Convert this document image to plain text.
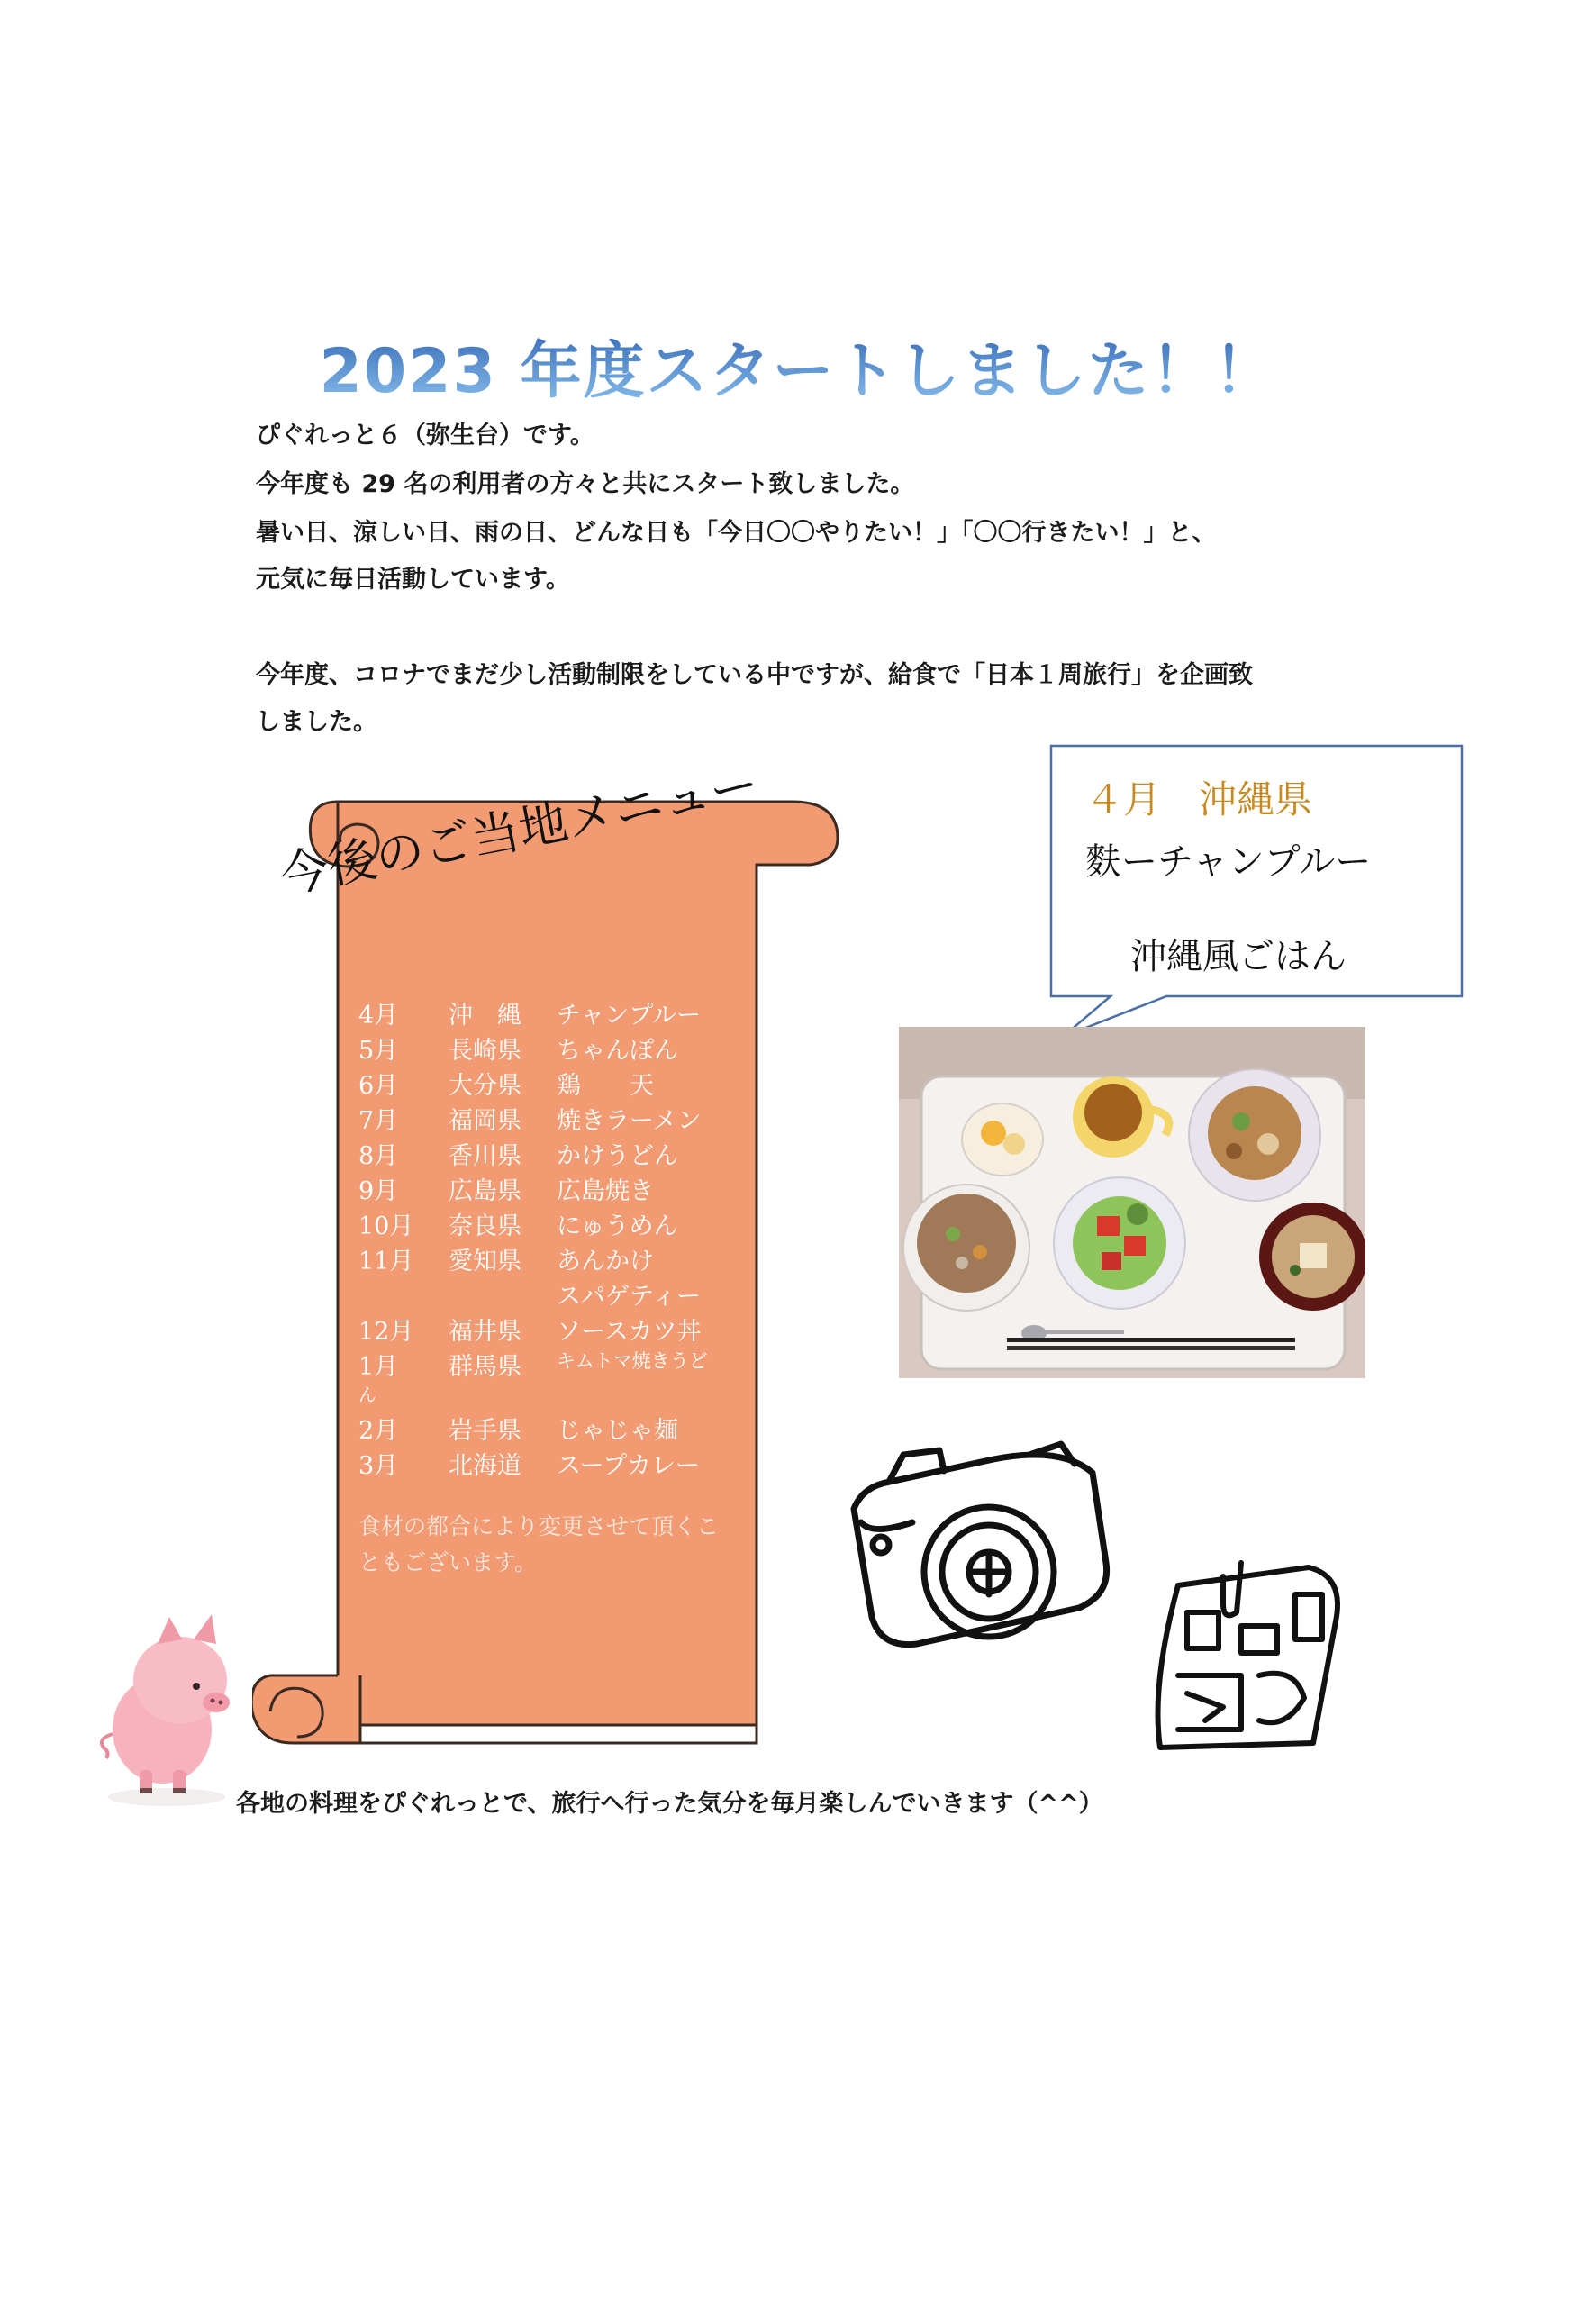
2023 年度スタートしました！！
ぴぐれっと６（弥生台）です。
今年度も 29 名の利用者の方々と共にスタート致しました。
暑い日、涼しい日、雨の日、どんな日も「今日〇〇やりたい！」「〇〇行きたい！」と、
元気に毎日活動しています。
今年度、コロナでまだ少し活動制限をしている中ですが、給食で「日本１周旅行」を企画致
しました。
今後のご当地メニュー
4月 沖　縄 チャンプルー
5月 長崎県 ちゃんぽん
6月 大分県 鶏　　天
7月 福岡県 焼きラーメン
8月 香川県 かけうどん
9月 広島県 広島焼き
10月 奈良県 にゅうめん
11月 愛知県 あんかけ
スパゲティー
12月 福井県 ソースカツ丼
1月 群馬県 キムトマ焼きうど
ん
2月 岩手県 じゃじゃ麺
3月 北海道 スープカレー
食材の都合により変更させて頂くこともございます。
４月　沖縄県
麩ーチャンプルー
沖縄風ごはん
各地の料理をぴぐれっとで、旅行へ行った気分を毎月楽しんでいきます（^^）
